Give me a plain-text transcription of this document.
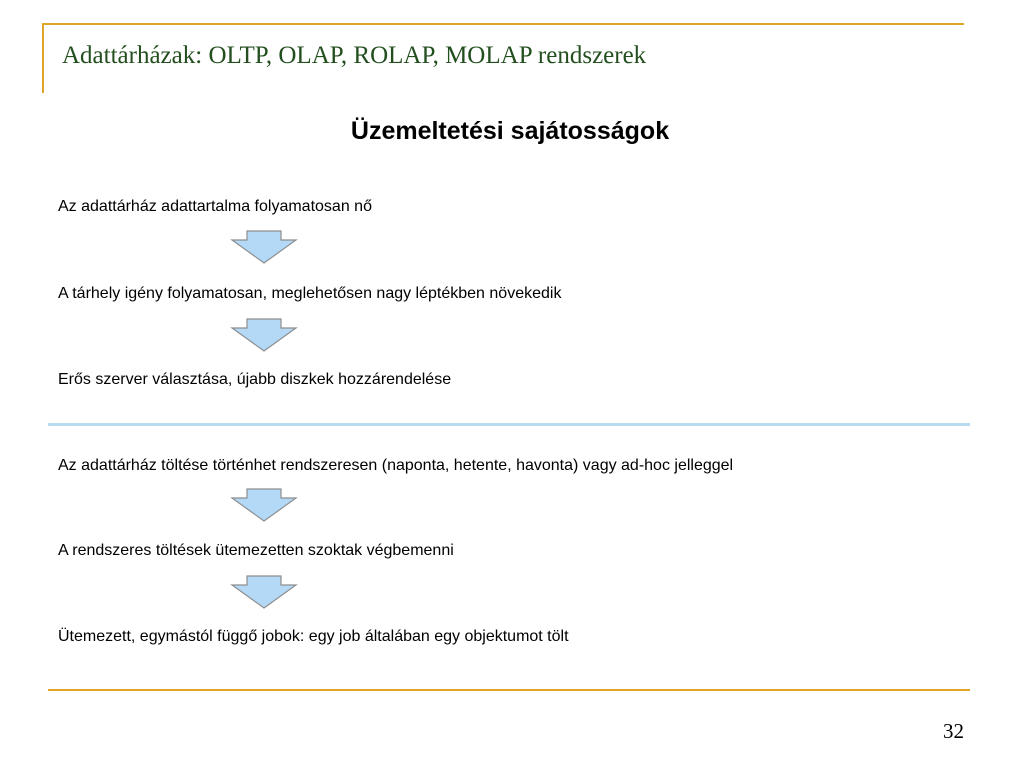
Adattárházak: OLTP, OLAP, ROLAP, MOLAP rendszerek
Üzemeltetési sajátosságok
Az adattárház adattartalma folyamatosan nő
A tárhely igény folyamatosan, meglehetősen nagy léptékben növekedik
Erős szerver választása, újabb diszkek hozzárendelése
Az adattárház töltése történhet rendszeresen (naponta, hetente, havonta) vagy ad-hoc jelleggel
A rendszeres töltések ütemezetten szoktak végbemenni
Ütemezett, egymástól függő jobok: egy job általában egy objektumot tölt
32
